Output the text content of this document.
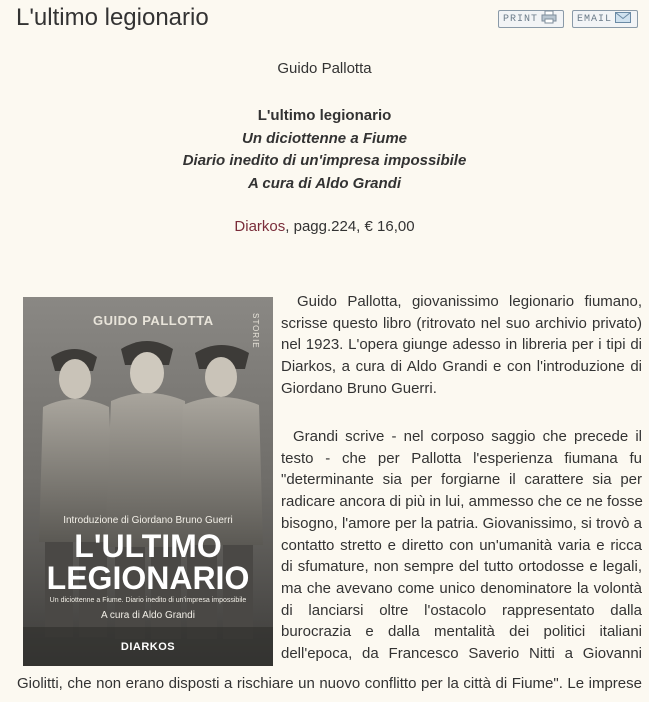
L'ultimo legionario	PRINT	EMAIL
Guido Pallotta
L'ultimo legionario
Un diciottenne a Fiume
Diario inedito di un'impresa impossibile
A cura di Aldo Grandi
Diarkos, pagg.224, € 16,00
GUIDO PALLOTTA	STORIE
Introduzione di Giordano Bruno Guerri
L'ULTIMO
LEGIONARIO
Un diciottenne a Fiume. Diario inedito di un'impresa impossibile
A cura di Aldo Grandi
DIARKOS
Guido Pallotta, giovanissimo legionario fiumano,
scrisse questo libro (ritrovato nel suo archivio privato)
nel 1923. L'opera giunge adesso in libreria per i tipi di
Diarkos, a cura di Aldo Grandi e con l'introduzione di
Giordano Bruno Guerri.
Grandi scrive - nel corposo saggio che precede il
testo - che per Pallotta l'esperienza fiumana fu
"determinante sia per forgiarne il carattere sia per
radicare ancora di più in lui, ammesso che ce ne fosse
bisogno, l'amore per la patria. Giovanissimo, si trovò a
contatto stretto e diretto con un'umanità varia e ricca
di sfumature, non sempre del tutto ortodosse e legali,
ma che avevano come unico denominatore la volontà
di lanciarsi oltre l'ostacolo rappresentato dalla
burocrazia e dalla mentalità dei politici italiani
dell'epoca, da Francesco Saverio Nitti a Giovanni
Giolitti, che non erano disposti a rischiare un nuovo conflitto per la città di Fiume". Le imprese
